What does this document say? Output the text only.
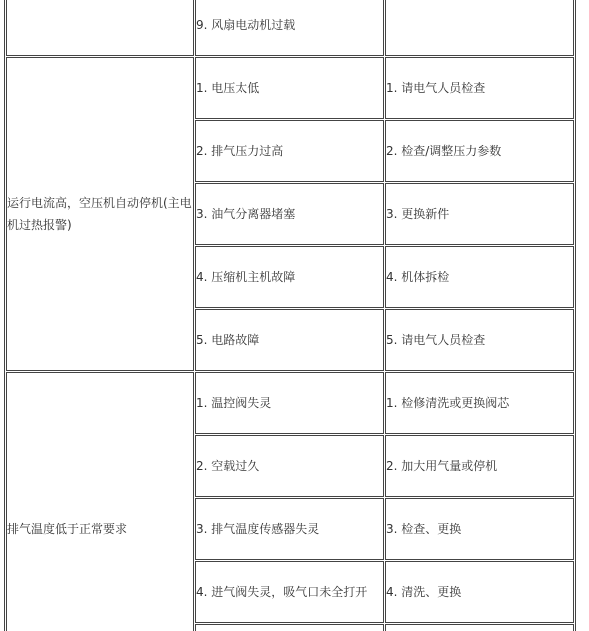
	9. 风扇电动机过载	
运行电流高，空压机自动停机(主电机过热报警)	1. 电压太低	1. 请电气人员检查
	2. 排气压力过高	2. 检查/调整压力参数
	3. 油气分离器堵塞	3. 更换新件
	4. 压缩机主机故障	4. 机体拆检
	5. 电路故障	5. 请电气人员检查
排气温度低于正常要求	1. 温控阀失灵	1. 检修清洗或更换阀芯
	2. 空载过久	2. 加大用气量或停机
	3. 排气温度传感器失灵	3. 检查、更换
	4. 进气阀失灵，吸气口未全打开	4. 清洗、更换
